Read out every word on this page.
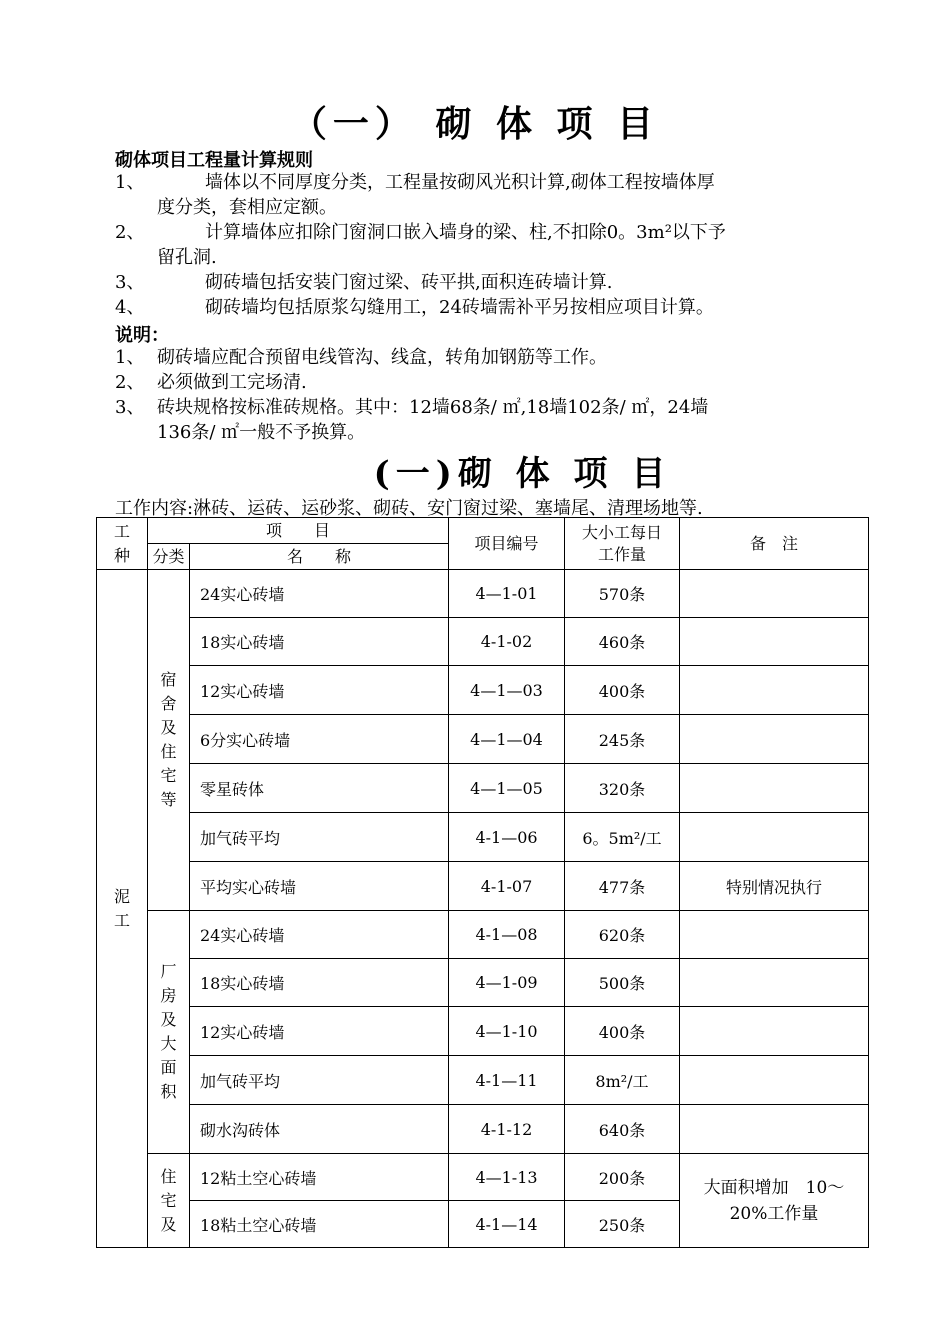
（一） 砌 体 项 目
砌体项目工程量计算规则
1、	墙体以不同厚度分类，工程量按砌风光积计算,砌体工程按墙体厚
度分类，套相应定额。
2、	计算墙体应扣除门窗洞口嵌入墙身的梁、柱,不扣除0。3m²以下予
留孔洞.
3、	砌砖墙包括安装门窗过梁、砖平拱,面积连砖墙计算.
4、	砌砖墙均包括原浆勾缝用工，24砖墙需补平另按相应项目计算。
说明：
1、 砌砖墙应配合预留电线管沟、线盒，转角加钢筋等工作。
2、 必须做到工完场清.
3、 砖块规格按标准砖规格。其中：12墙68条/ ㎡,18墙102条/ ㎡，24墙
136条/ ㎡一般不予换算。
(一)砌 体 项 目
工作内容:淋砖、运砖、运砂浆、砌砖、安门窗过梁、塞墙尾、清理场地等.
工种	项　　目		项目编号	大小工每日工作量	备　注
	分类	名　　称			
泥工	宿舍及住宅等	24实心砖墙	4—1-01	570条	
		18实心砖墙	4-1-02	460条	
		12实心砖墙	4—1—03	400条	
		6分实心砖墙	4—1—04	245条	
		零星砖体	4—1—05	320条	
		加气砖平均	4-1—06	6。5m²/工	
		平均实心砖墙	4-1-07	477条	特别情况执行
	厂房及大面积	24实心砖墙	4-1—08	620条	
		18实心砖墙	4—1-09	500条	
		12实心砖墙	4—1-10	400条	
		加气砖平均	4-1—11	8m²/工	
		砌水沟砖体	4-1-12	640条	
	住宅及	12粘土空心砖墙	4—1-13	200条	大面积增加　10～20%工作量
		18粘土空心砖墙	4-1—14	250条	
